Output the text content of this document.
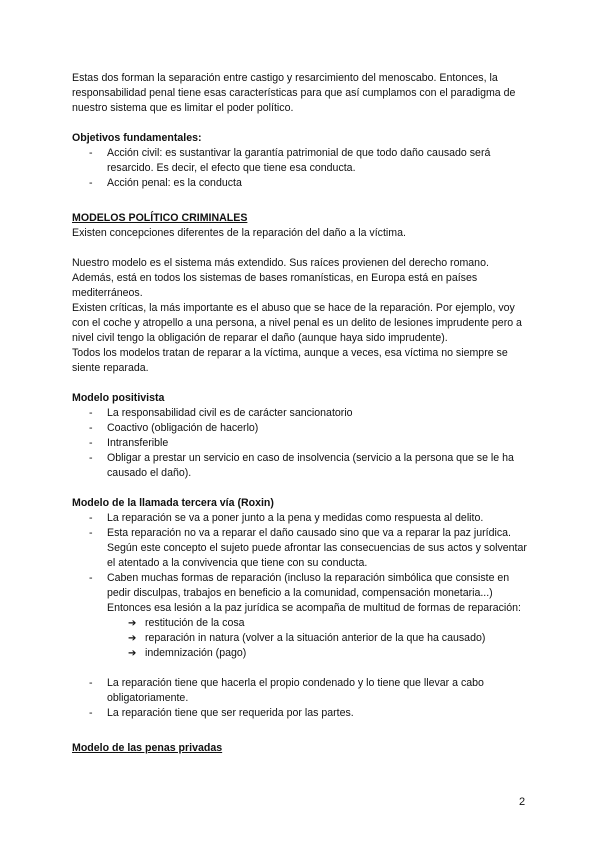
Estas dos forman la separación entre castigo y resarcimiento del menoscabo. Entonces, la responsabilidad penal tiene esas características para que así cumplamos con el paradigma de nuestro sistema que es limitar el poder político.

Objetivos fundamentales:

- Acción civil: es sustantivar la garantía patrimonial de que todo daño causado será resarcido. Es decir, el efecto que tiene esa conducta.
- Acción penal: es la conducta

MODELOS POLÍTICO CRIMINALES

Existen concepciones diferentes de la reparación del daño a la víctima.

Nuestro modelo es el sistema más extendido. Sus raíces provienen del derecho romano. Además, está en todos los sistemas de bases romanísticas, en Europa está en países mediterráneos.

Existen críticas, la más importante es el abuso que se hace de la reparación. Por ejemplo, voy con el coche y atropello a una persona, a nivel penal es un delito de lesiones imprudente pero a nivel civil tengo la obligación de reparar el daño (aunque haya sido imprudente).

Todos los modelos tratan de reparar a la víctima, aunque a veces, esa víctima no siempre se siente reparada.

Modelo positivista

- La responsabilidad civil es de carácter sancionatorio
- Coactivo (obligación de hacerlo)
- Intransferible
- Obligar a prestar un servicio en caso de insolvencia (servicio a la persona que se le ha causado el daño).

Modelo de la llamada tercera vía (Roxin)

- La reparación se va a poner junto a la pena y medidas como respuesta al delito.
- Esta reparación no va a reparar el daño causado sino que va a reparar la paz jurídica. Según este concepto el sujeto puede afrontar las consecuencias de sus actos y solventar el atentado a la convivencia que tiene con su conducta.
- Caben muchas formas de reparación (incluso la reparación simbólica que consiste en pedir disculpas, trabajos en beneficio a la comunidad, compensación monetaria...)

Entonces esa lesión a la paz jurídica se acompaña de multitud de formas de reparación:

➔ restitución de la cosa
➔ reparación in natura (volver a la situación anterior de la que ha causado)
➔ indemnización (pago)
- La reparación tiene que hacerla el propio condenado y lo tiene que llevar a cabo obligatoriamente.
- La reparación tiene que ser requerida por las partes.

Modelo de las penas privadas

2
